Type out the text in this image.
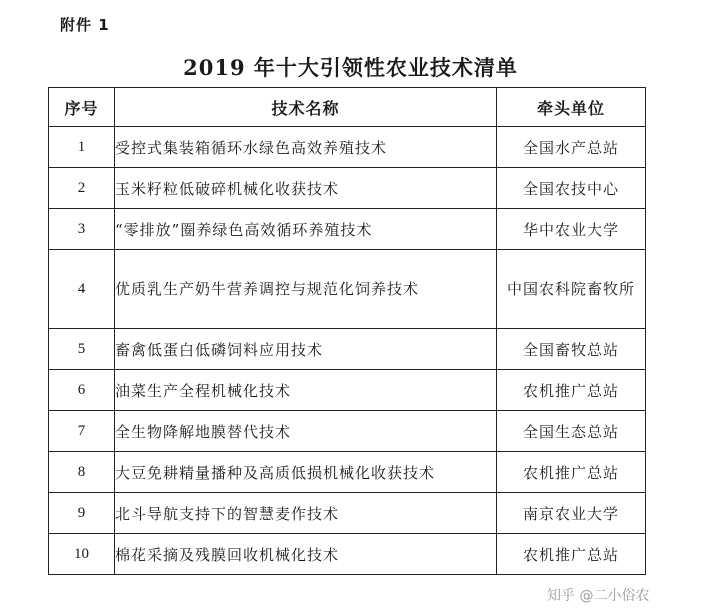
附件 1
2019 年十大引领性农业技术清单
序号	技术名称	牵头单位
1	受控式集装箱循环水绿色高效养殖技术	全国水产总站
2	玉米籽粒低破碎机械化收获技术	全国农技中心
3	“零排放”圈养绿色高效循环养殖技术	华中农业大学
4	优质乳生产奶牛营养调控与规范化饲养技术	中国农科院畜牧所
5	畜禽低蛋白低磷饲料应用技术	全国畜牧总站
6	油菜生产全程机械化技术	农机推广总站
7	全生物降解地膜替代技术	全国生态总站
8	大豆免耕精量播种及高质低损机械化收获技术	农机推广总站
9	北斗导航支持下的智慧麦作技术	南京农业大学
10	棉花采摘及残膜回收机械化技术	农机推广总站
知乎 @二小俗农
